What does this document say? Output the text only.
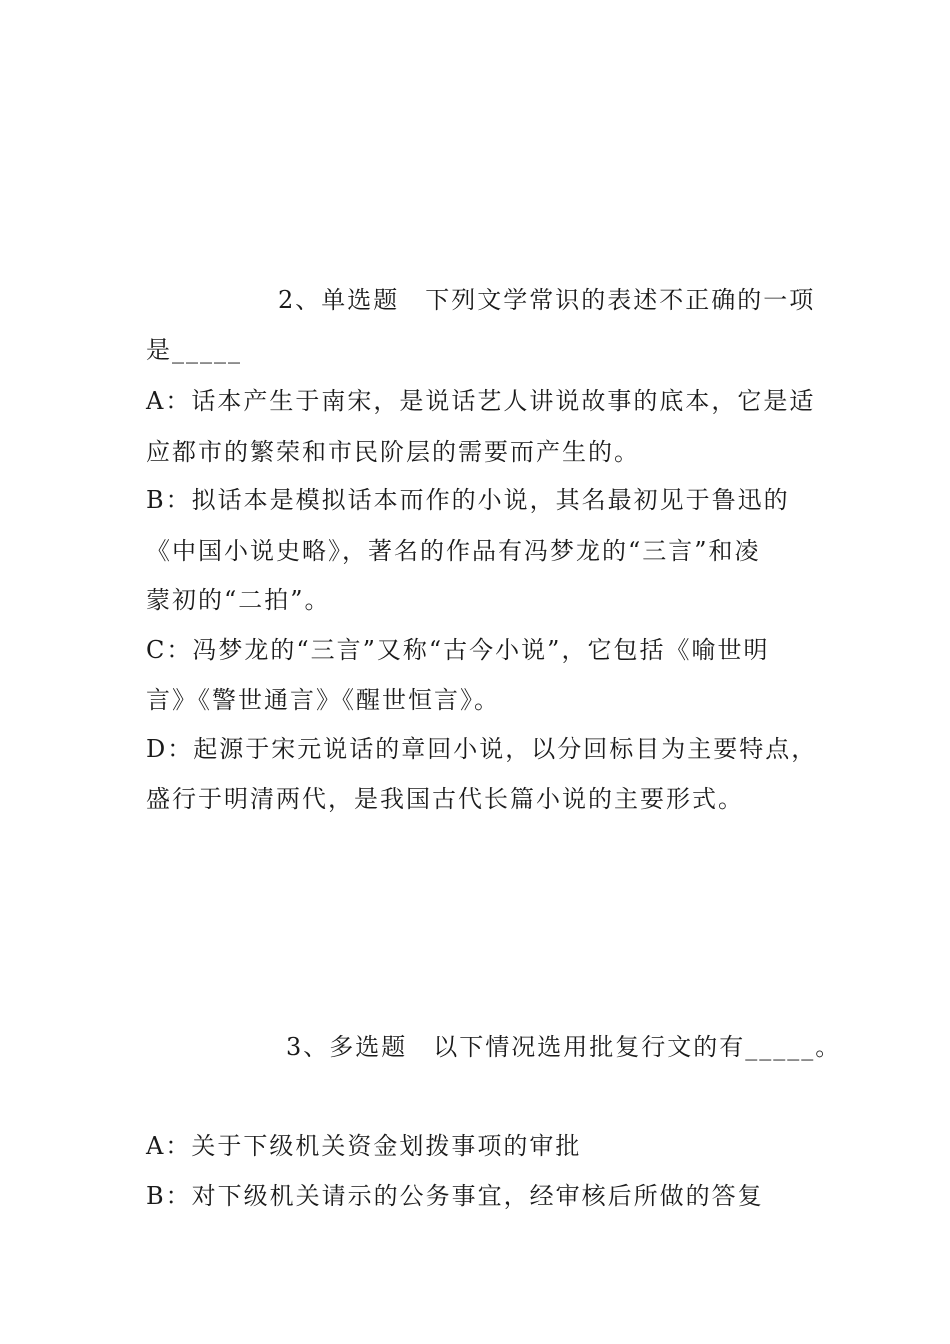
2、单选题　下列文学常识的表述不正确的一项
是_____
A：话本产生于南宋，是说话艺人讲说故事的底本，它是适
应都市的繁荣和市民阶层的需要而产生的。
B：拟话本是模拟话本而作的小说，其名最初见于鲁迅的
《中国小说史略》，著名的作品有冯梦龙的“三言”和凌
蒙初的“二拍”。
C：冯梦龙的“三言”又称“古今小说”，它包括《喻世明
言》《警世通言》《醒世恒言》。
D：起源于宋元说话的章回小说，以分回标目为主要特点，
盛行于明清两代，是我国古代长篇小说的主要形式。
3、多选题　以下情况选用批复行文的有_____。
A：关于下级机关资金划拨事项的审批
B：对下级机关请示的公务事宜，经审核后所做的答复
